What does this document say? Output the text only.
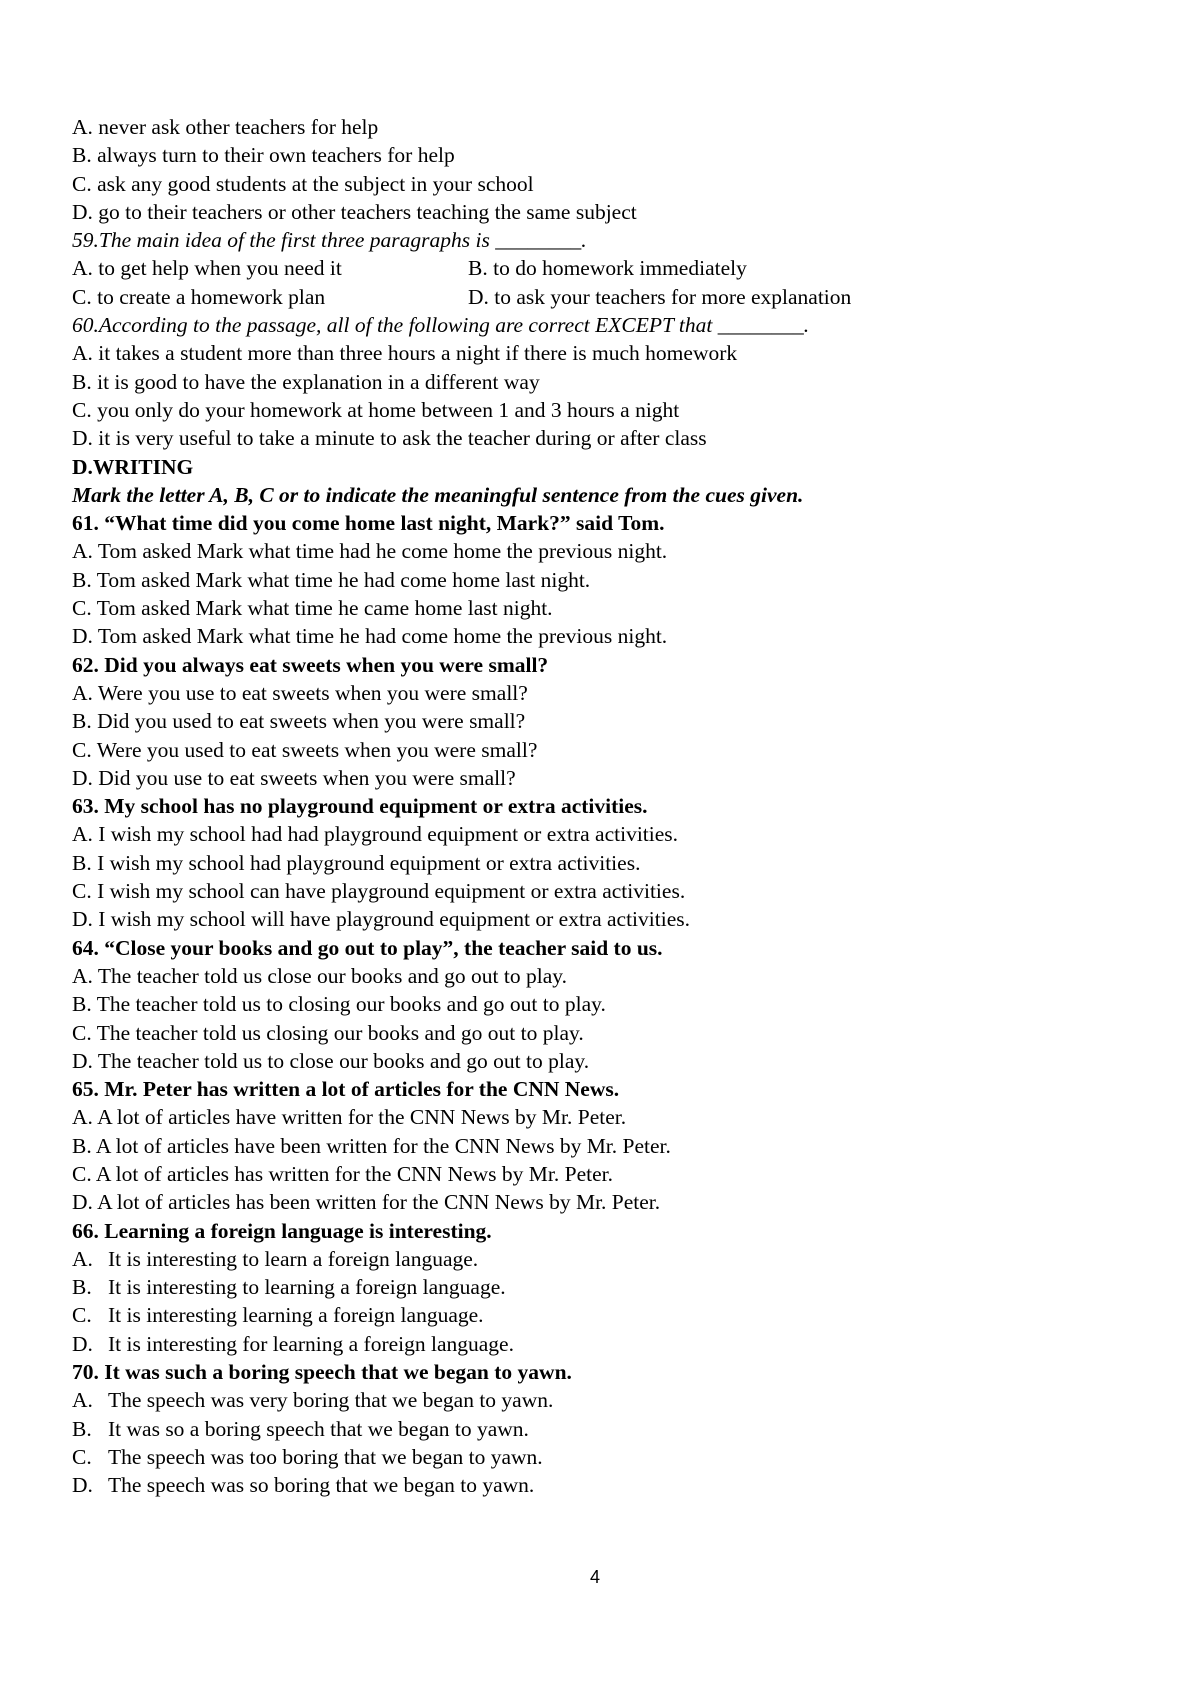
A. never ask other teachers for help
B. always turn to their own teachers for help
C. ask any good students at the subject in your school
D. go to their teachers or other teachers teaching the same subject
59.The main idea of the first three paragraphs is ________.
A. to get help when you need it	B. to do homework immediately
C. to create a homework plan	D. to ask your teachers for more explanation
60.According to the passage, all of the following are correct EXCEPT that ________.
A. it takes a student more than three hours a night if there is much homework
B. it is good to have the explanation in a different way
C. you only do your homework at home between 1 and 3 hours a night
D. it is very useful to take a minute to ask the teacher during or after class
D.WRITING
Mark the letter A, B, C or to indicate the meaningful sentence from the cues given.
61. “What time did you come home last night, Mark?” said Tom.
A. Tom asked Mark what time had he come home the previous night.
B. Tom asked Mark what time he had come home last night.
C. Tom asked Mark what time he came home last night.
D. Tom asked Mark what time he had come home the previous night.
62. Did you always eat sweets when you were small?
A. Were you use to eat sweets when you were small?
B. Did you used to eat sweets when you were small?
C. Were you used to eat sweets when you were small?
D. Did you use to eat sweets when you were small?
63. My school has no playground equipment or extra activities.
A. I wish my school had had playground equipment or extra activities.
B. I wish my school had playground equipment or extra activities.
C. I wish my school can have playground equipment or extra activities.
D. I wish my school will have playground equipment or extra activities.
64. “Close your books and go out to play”, the teacher said to us.
A. The teacher told us close our books and go out to play.
B. The teacher told us to closing our books and go out to play.
C. The teacher told us closing our books and go out to play.
D. The teacher told us to close our books and go out to play.
65. Mr. Peter has written a lot of articles for the CNN News.
A. A lot of articles have written for the CNN News by Mr. Peter.
B. A lot of articles have been written for the CNN News by Mr. Peter.
C. A lot of articles has written for the CNN News by Mr. Peter.
D. A lot of articles has been written for the CNN News by Mr. Peter.
66. Learning a foreign language is interesting.
A. It is interesting to learn a foreign language.
B. It is interesting to learning a foreign language.
C. It is interesting learning a foreign language.
D. It is interesting for learning a foreign language.
70. It was such a boring speech that we began to yawn.
A. The speech was very boring that we began to yawn.
B. It was so a boring speech that we began to yawn.
C. The speech was too boring that we began to yawn.
D. The speech was so boring that we began to yawn.
4
